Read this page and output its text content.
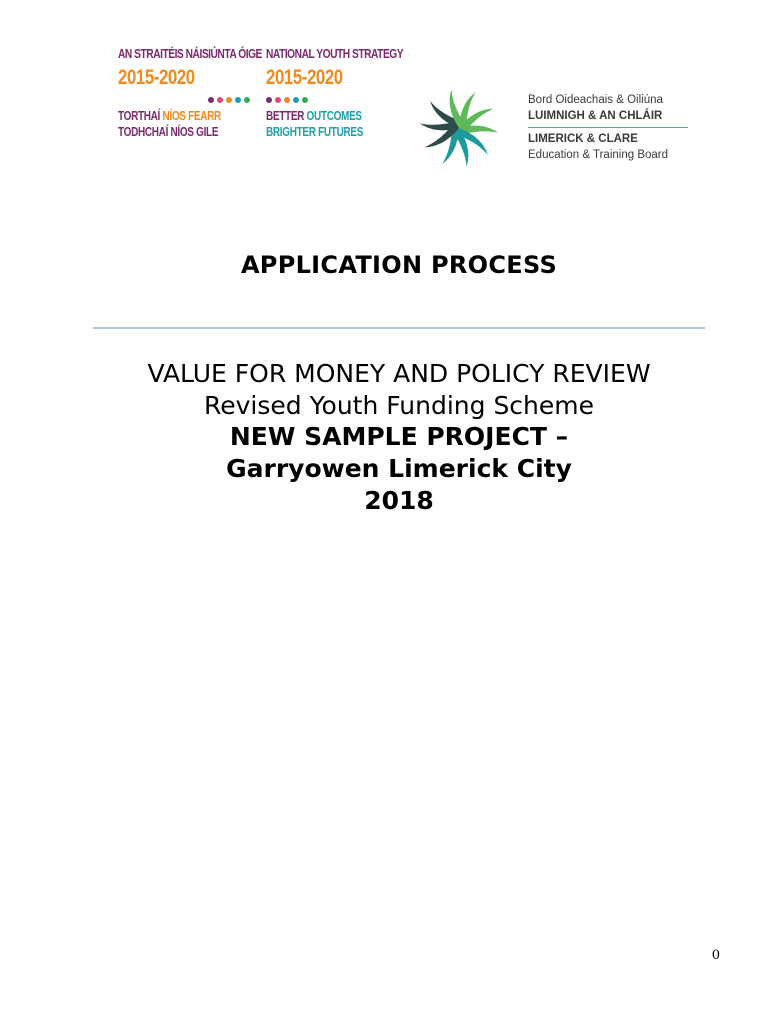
AN STRAITÉIS NÁISIÚNTA ÓIGE
2015-2020
TORTHAÍ NÍOS FEARR
TODHCHAÍ NÍOS GILE
NATIONAL YOUTH STRATEGY
2015-2020
BETTER OUTCOMES
BRIGHTER FUTURES
Bord Oideachais & Oiliúna
LUIMNIGH & AN CHLÁIR
LIMERICK & CLARE
Education & Training Board
APPLICATION PROCESS
VALUE FOR MONEY AND POLICY REVIEW
Revised Youth Funding Scheme
NEW SAMPLE PROJECT –
Garryowen Limerick City
2018
0
